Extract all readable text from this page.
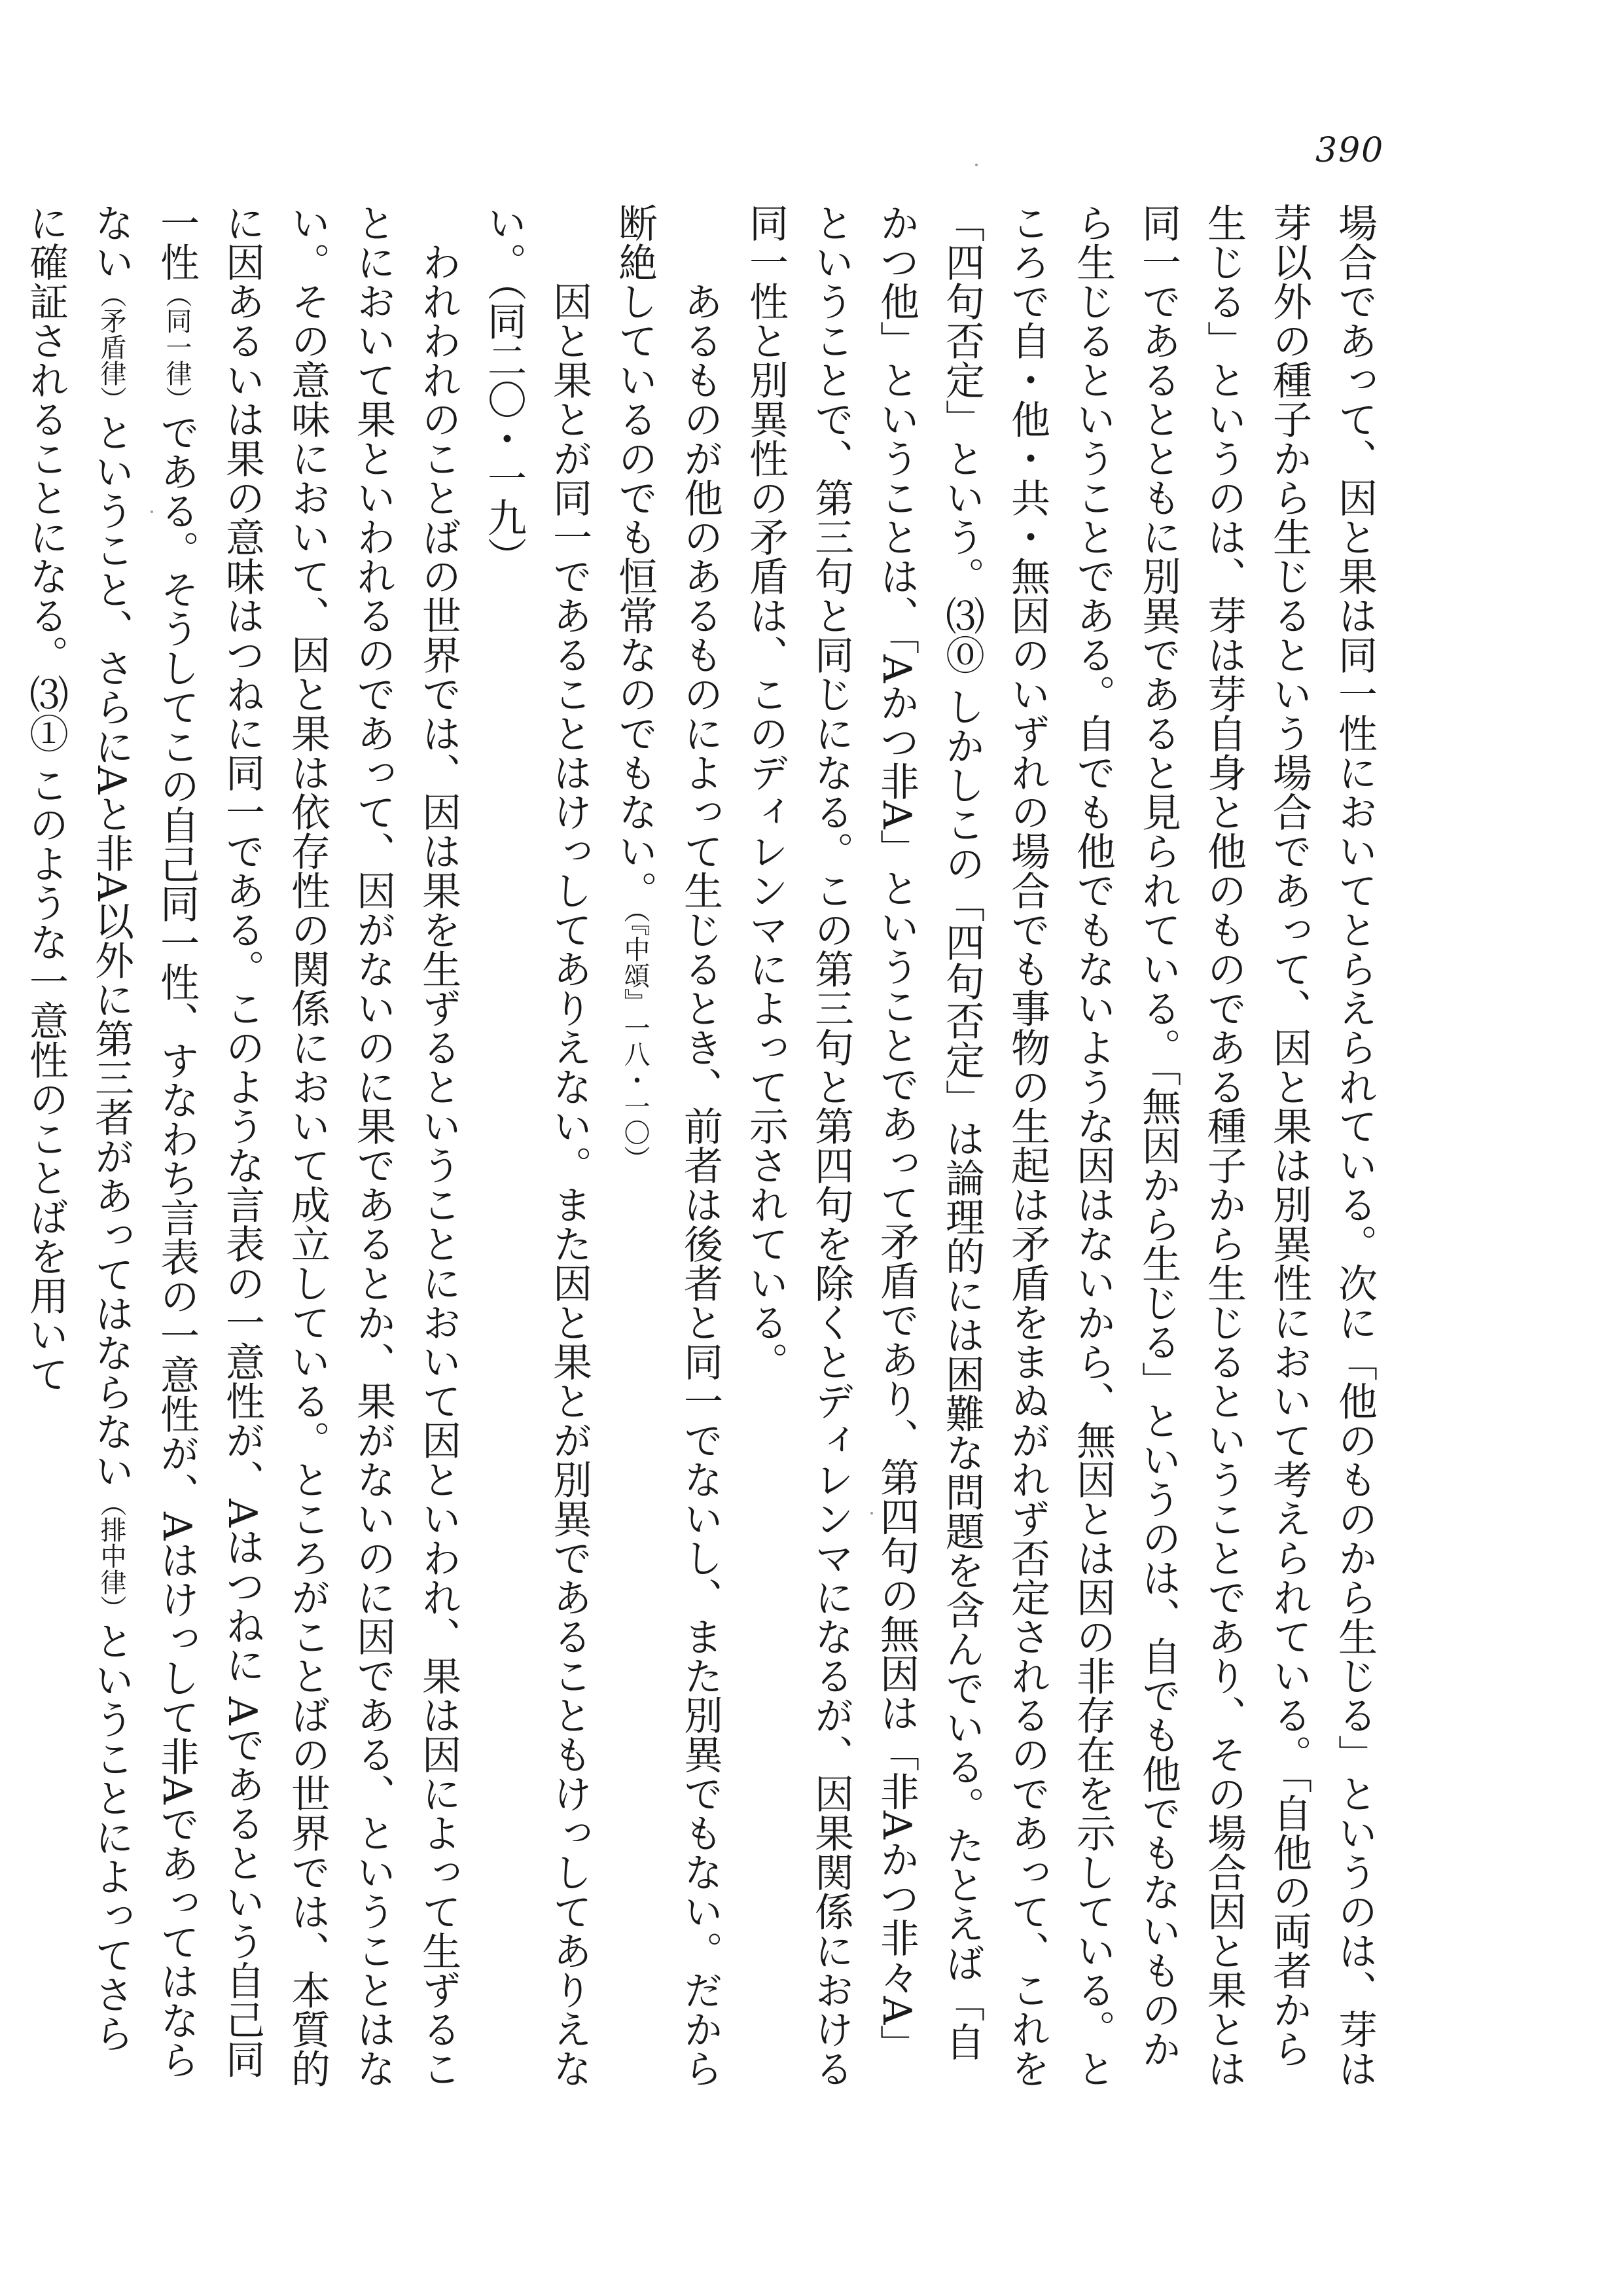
390

場合であって、因と果は同一性においてとらえられている。次に「他のものから生じる」というのは、芽は芽以外の種子から生じるという場合であって、因と果は別異性において考えられている。「自他の両者から生じる」というのは、芽は芽自身と他のものである種子から生じるということであり、その場合因と果とは同一であるとともに別異であると見られている。「無因から生じる」というのは、自でも他でもないものから生じるということである。自でも他でもないような因はないから、無因とは因の非存在を示している。ところで自・他・共・無因のいずれの場合でも事物の生起は矛盾をまぬがれず否定されるのであって、これを「四句否定」という。⑶⓪ しかしこの「四句否定」は論理的には困難な問題を含んでいる。たとえば「自かつ他」ということは、「Aかつ非A」ということであって矛盾であり、第四句の無因は「非Aかつ非々A」ということで、第三句と同じになる。この第三句と第四句を除くとディレンマになるが、因果関係における同一性と別異性の矛盾は、このディレンマによって示されている。

あるものが他のあるものによって生じるとき、前者は後者と同一でないし、また別異でもない。だから断絶しているのでも恒常なのでもない。（『中頌』一八・一〇）

因と果とが同一であることはけっしてありえない。また因と果とが別異であることもけっしてありえない。（同二〇・一九）

われわれのことばの世界では、因は果を生ずるということにおいて因といわれ、果は因によって生ずることにおいて果といわれるのであって、因がないのに果であるとか、果がないのに因である、ということはない。その意味において、因と果は依存性の関係において成立している。ところがことばの世界では、本質的に因あるいは果の意味はつねに同一である。このような言表の一意性が、Aはつねに Aであるという自己同一性（同一律）である。そうしてこの自己同一性、すなわち言表の一意性が、Aはけっして非Aであってはならない（矛盾律）ということ、さらにAと非A以外に第三者があってはならない（排中律）ということによってさらに確証されることになる。⑶① このような一意性のことばを用いて
